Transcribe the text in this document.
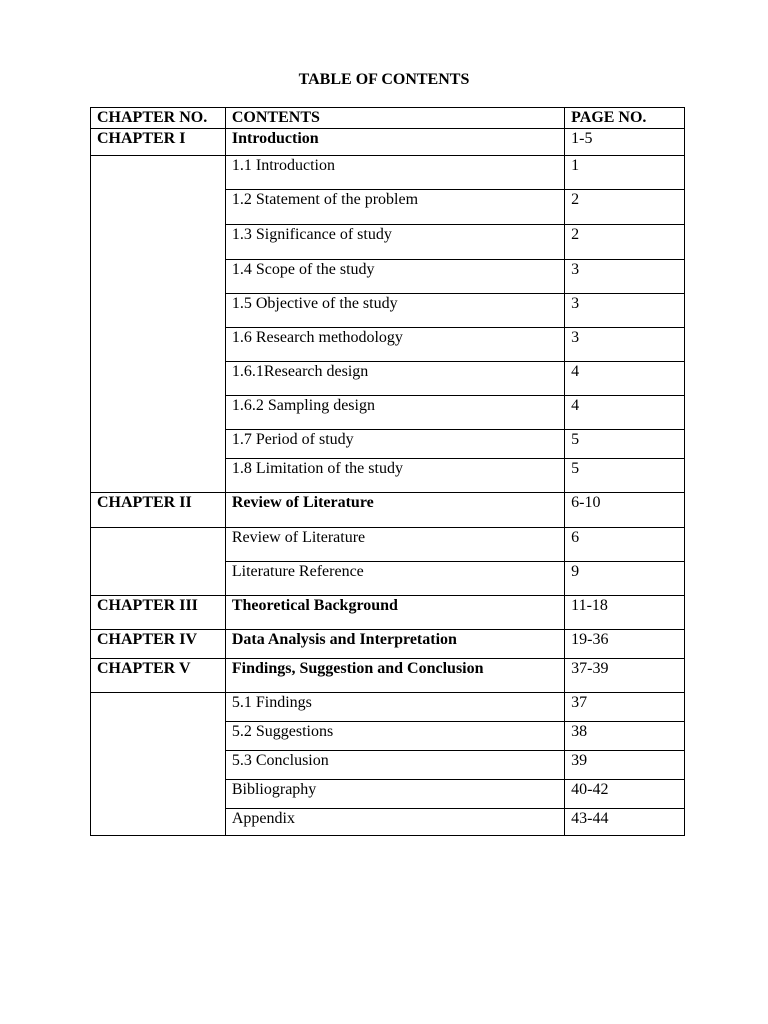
TABLE OF CONTENTS
CHAPTER NO.	CONTENTS	PAGE NO.
CHAPTER I	Introduction	1-5
	1.1 Introduction	1
	1.2 Statement of the problem	2
	1.3 Significance of study	2
	1.4 Scope of the study	3
	1.5 Objective of the study	3
	1.6 Research methodology	3
	1.6.1Research design	4
	1.6.2 Sampling design	4
	1.7 Period of study	5
	1.8 Limitation of the study	5
CHAPTER II	Review of Literature	6-10
	Review of Literature	6
	Literature Reference	9
CHAPTER III	Theoretical Background	11-18
CHAPTER IV	Data Analysis and Interpretation	19-36
CHAPTER V	Findings, Suggestion and Conclusion	37-39
	5.1 Findings	37
	5.2 Suggestions	38
	5.3 Conclusion	39
	Bibliography	40-42
	Appendix	43-44
